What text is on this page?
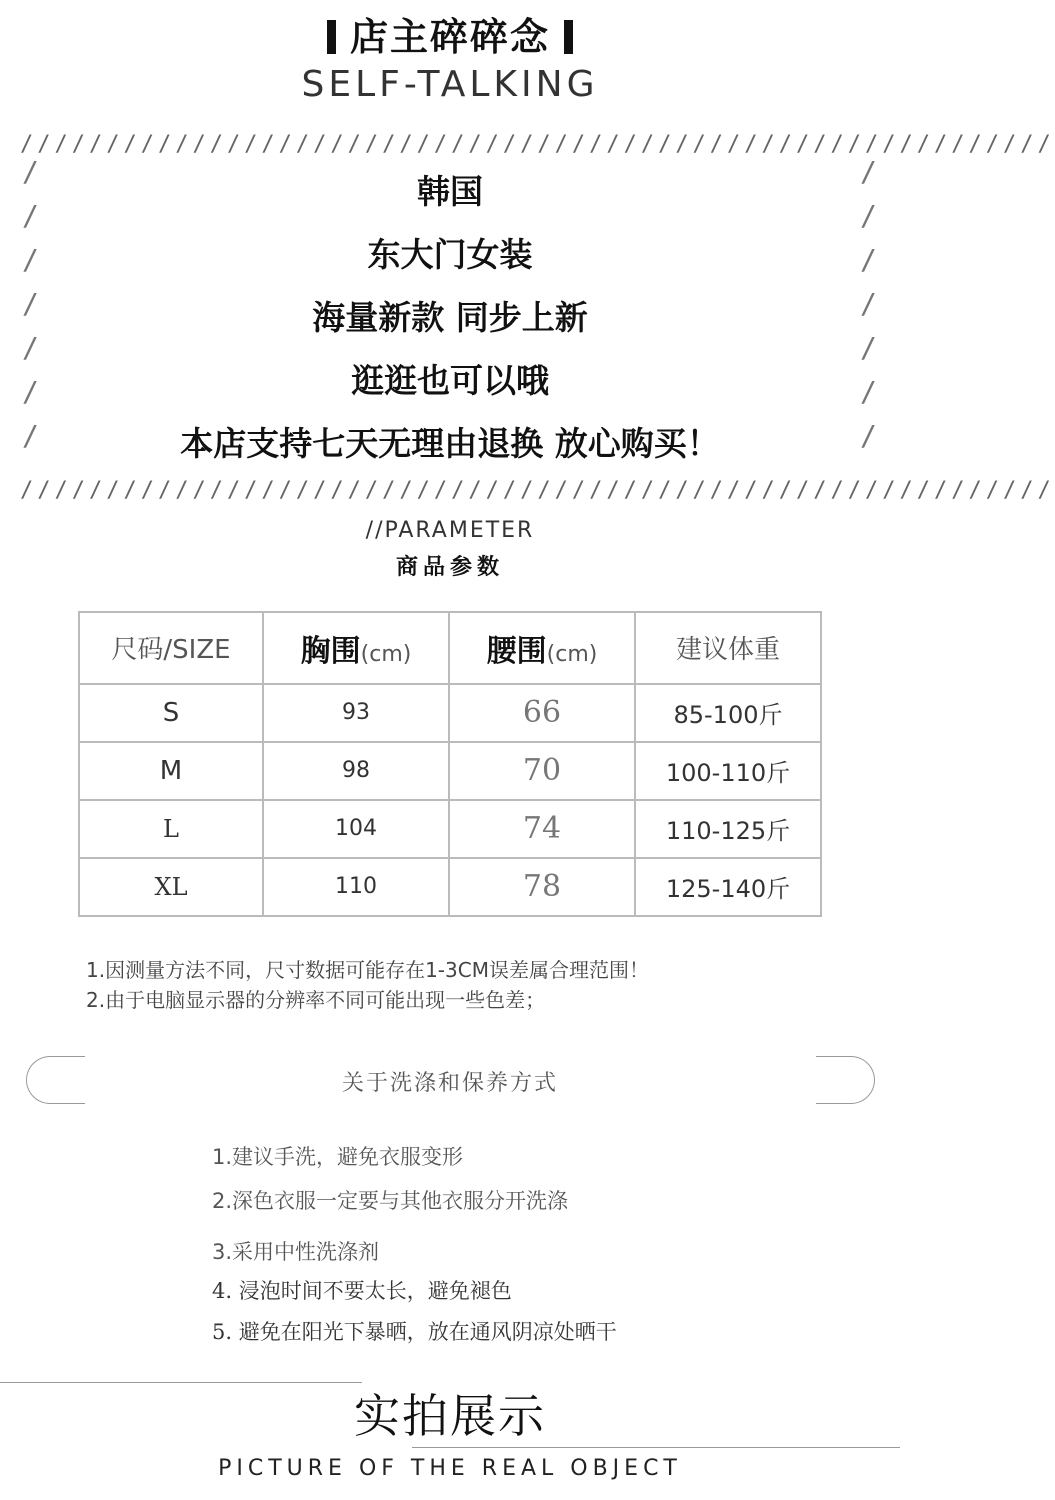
店主碎碎念
SELF-TALKING
////////////////////////////////////////////////////////////
////////////////////////////////////////////////////////////
/
/
/
/
/
/
/
/
/
/
/
/
/
/
韩国
东大门女装
海量新款 同步上新
逛逛也可以哦
本店支持七天无理由退换 放心购买！
//PARAMETER
商品参数
尺码/SIZE	胸围(cm)	腰围(cm)	建议体重
S	93	66	85-100斤
M	98	70	100-110斤
L	104	74	110-125斤
XL	110	78	125-140斤
1.因测量方法不同，尺寸数据可能存在1-3CM误差属合理范围！
2.由于电脑显示器的分辨率不同可能出现一些色差；
关于洗涤和保养方式
1.建议手洗，避免衣服变形
2.深色衣服一定要与其他衣服分开洗涤
3.采用中性洗涤剂
4. 浸泡时间不要太长，避免褪色
5. 避免在阳光下暴晒，放在通风阴凉处晒干
实拍展示
PICTURE OF THE REAL OBJECT
